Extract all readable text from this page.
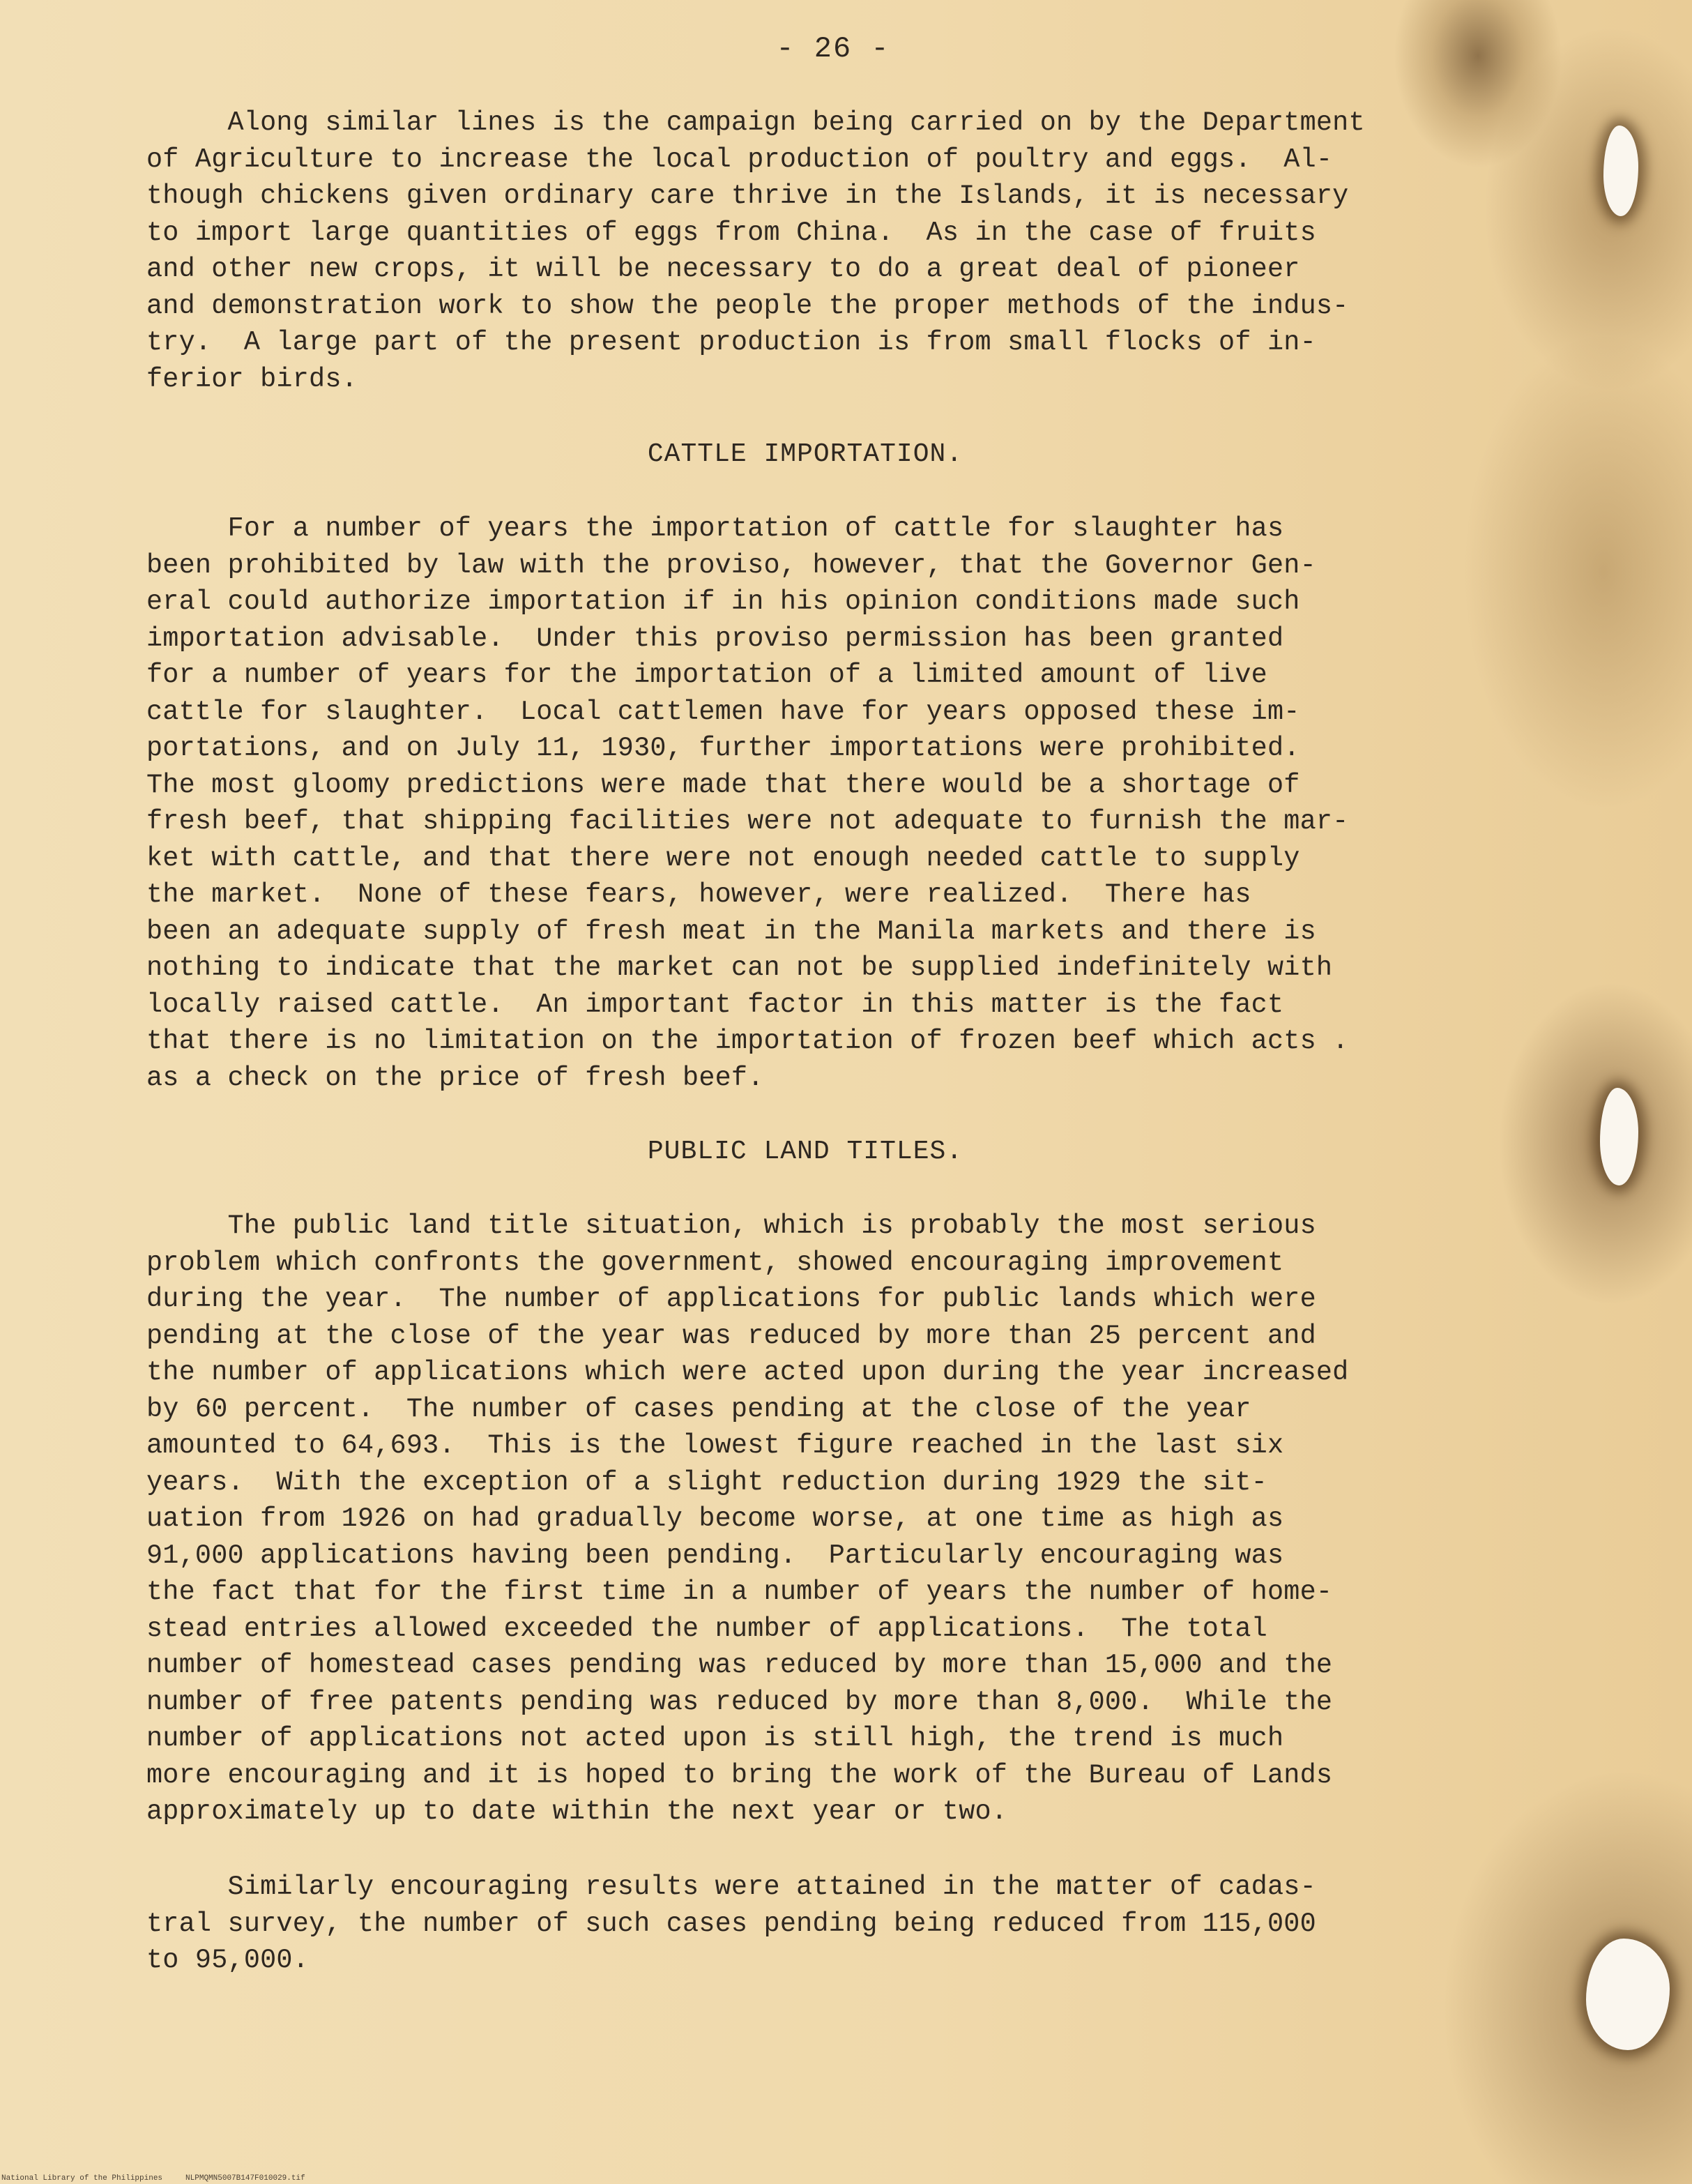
- 26 -
Along similar lines is the campaign being carried on by the Department
of Agriculture to increase the local production of poultry and eggs.  Al-
though chickens given ordinary care thrive in the Islands, it is necessary
to import large quantities of eggs from China.  As in the case of fruits
and other new crops, it will be necessary to do a great deal of pioneer
and demonstration work to show the people the proper methods of the indus-
try.  A large part of the present production is from small flocks of in-
ferior birds.
CATTLE IMPORTATION.
For a number of years the importation of cattle for slaughter has
been prohibited by law with the proviso, however, that the Governor Gen-
eral could authorize importation if in his opinion conditions made such
importation advisable.  Under this proviso permission has been granted
for a number of years for the importation of a limited amount of live
cattle for slaughter.  Local cattlemen have for years opposed these im-
portations, and on July 11, 1930, further importations were prohibited.
The most gloomy predictions were made that there would be a shortage of
fresh beef, that shipping facilities were not adequate to furnish the mar-
ket with cattle, and that there were not enough needed cattle to supply
the market.  None of these fears, however, were realized.  There has
been an adequate supply of fresh meat in the Manila markets and there is
nothing to indicate that the market can not be supplied indefinitely with
locally raised cattle.  An important factor in this matter is the fact
that there is no limitation on the importation of frozen beef which acts .
as a check on the price of fresh beef.
PUBLIC LAND TITLES.
The public land title situation, which is probably the most serious
problem which confronts the government, showed encouraging improvement
during the year.  The number of applications for public lands which were
pending at the close of the year was reduced by more than 25 percent and
the number of applications which were acted upon during the year increased
by 60 percent.  The number of cases pending at the close of the year
amounted to 64,693.  This is the lowest figure reached in the last six
years.  With the exception of a slight reduction during 1929 the sit-
uation from 1926 on had gradually become worse, at one time as high as
91,000 applications having been pending.  Particularly encouraging was
the fact that for the first time in a number of years the number of home-
stead entries allowed exceeded the number of applications.  The total
number of homestead cases pending was reduced by more than 15,000 and the
number of free patents pending was reduced by more than 8,000.  While the
number of applications not acted upon is still high, the trend is much
more encouraging and it is hoped to bring the work of the Bureau of Lands
approximately up to date within the next year or two.
Similarly encouraging results were attained in the matter of cadas-
tral survey, the number of such cases pending being reduced from 115,000
to 95,000.
National Library of the Philippines     NLPMQMN5007B147F010029.tif
